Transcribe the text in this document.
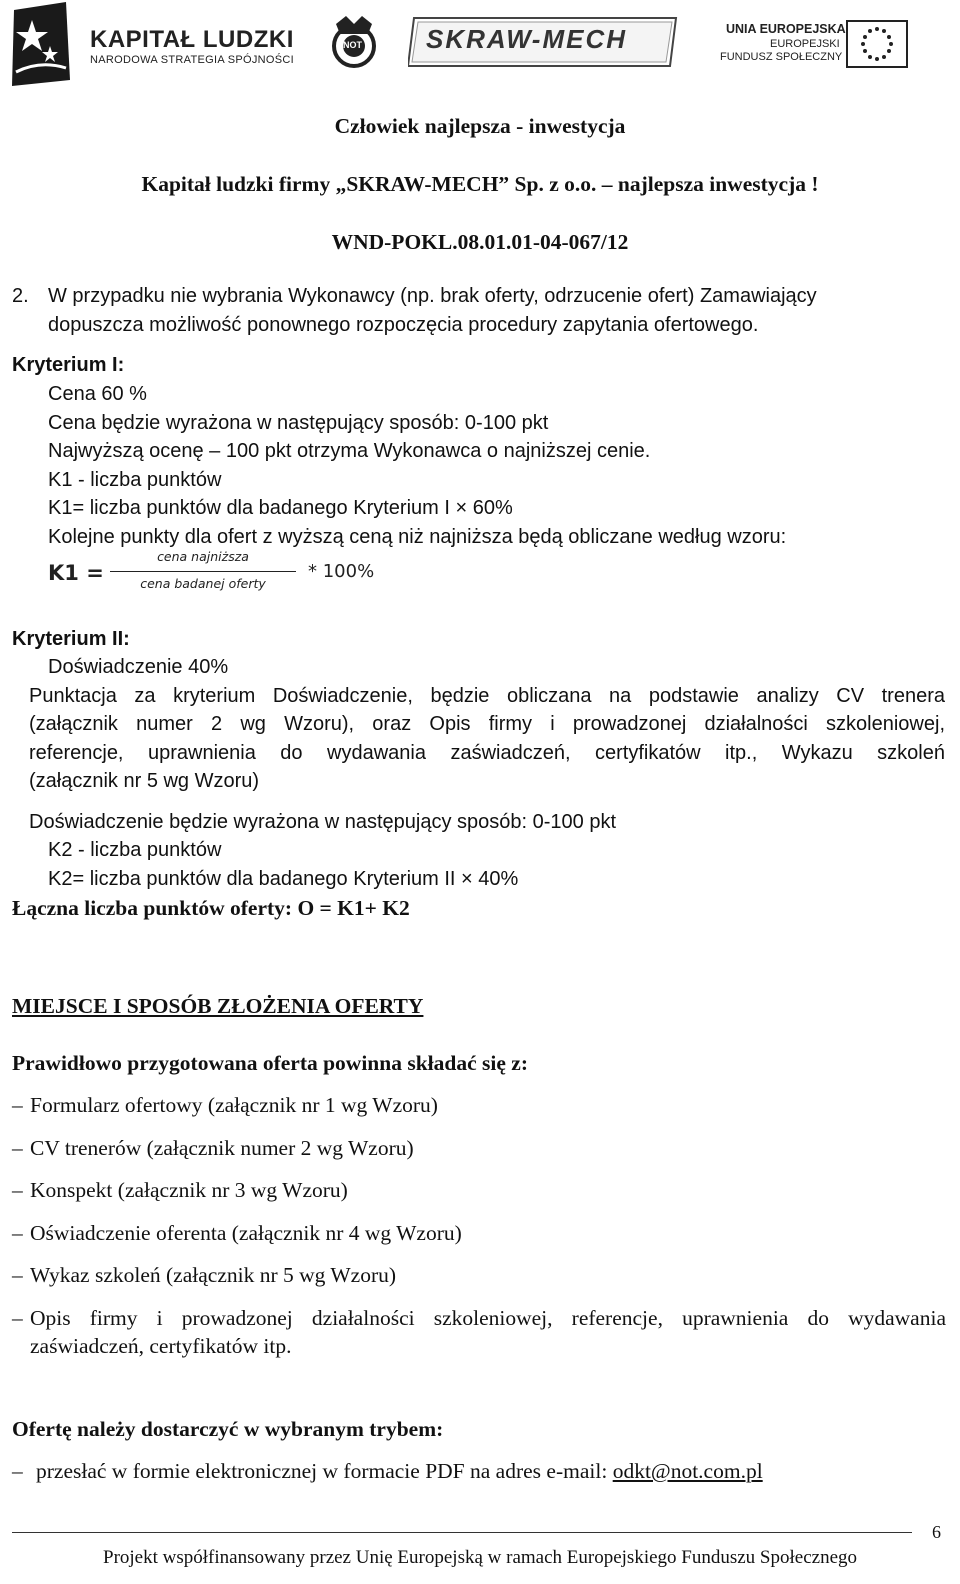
KAPITAŁ LUDZKI
NARODOWA STRATEGIA SPÓJNOŚCI
NOT SKRAW-MECH	UNIA EUROPEJSKA
EUROPEJSKI
FUNDUSZ SPOŁECZNY
Człowiek najlepsza - inwestycja
Kapitał ludzki firmy „SKRAW-MECH” Sp. z o.o. – najlepsza inwestycja !
WND-POKL.08.01.01-04-067/12
2. W przypadku nie wybrania Wykonawcy (np. brak oferty, odrzucenie ofert) Zamawiający
dopuszcza możliwość ponownego rozpoczęcia procedury zapytania ofertowego.
Kryterium I:
Cena 60 %
Cena będzie wyrażona w następujący sposób: 0-100 pkt
Najwyższą ocenę – 100 pkt otrzyma Wykonawca o najniższej cenie.
K1 - liczba punktów
K1= liczba punktów dla badanego Kryterium I × 60%
Kolejne punkty dla ofert z wyższą ceną niż najniższa będą obliczane według wzoru:
K1 =
cena najniższa
cena badanej oferty
* 100%
Kryterium II:
Doświadczenie 40%
Punktacja za kryterium Doświadczenie, będzie obliczana na podstawie analizy CV trenera
(załącznik numer 2 wg Wzoru), oraz Opis firmy i prowadzonej działalności szkoleniowej,
referencje, uprawnienia do wydawania zaświadczeń, certyfikatów itp., Wykazu szkoleń
(załącznik nr 5 wg Wzoru)
Doświadczenie będzie wyrażona w następujący sposób: 0-100 pkt
K2 - liczba punktów
K2= liczba punktów dla badanego Kryterium II × 40%
Łączna liczba punktów oferty: O = K1+ K2
MIEJSCE I SPOSÓB ZŁOŻENIA OFERTY
Prawidłowo przygotowana oferta powinna składać się z:
– Formularz ofertowy (załącznik nr 1 wg Wzoru)
– CV trenerów (załącznik numer 2 wg Wzoru)
– Konspekt (załącznik nr 3 wg Wzoru)
– Oświadczenie oferenta (załącznik nr 4 wg Wzoru)
– Wykaz szkoleń (załącznik nr 5 wg Wzoru)
– Opis firmy i prowadzonej działalności szkoleniowej, referencje, uprawnienia do wydawania
zaświadczeń, certyfikatów itp.
Ofertę należy dostarczyć w wybranym trybem:
– przesłać w formie elektronicznej w formacie PDF na adres e-mail: odkt@not.com.pl
6
Projekt współfinansowany przez Unię Europejską w ramach Europejskiego Funduszu Społecznego
